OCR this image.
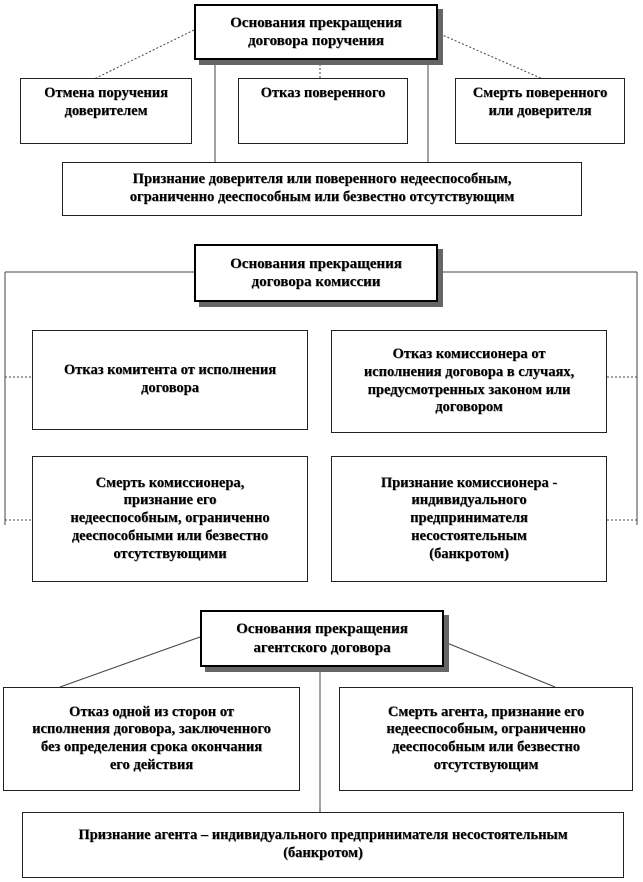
Основания прекращения
договора поручения
Отмена поручения
доверителем
Отказ поверенного	Смерть поверенного
или доверителя
Признание доверителя или поверенного недееспособным,
ограниченно дееспособным или безвестно отсутствующим
Основания прекращения
договора комиссии
Отказ комитента от исполнения
договора
Отказ комиссионера от
исполнения договора в случаях,
предусмотренных законом или
договором
Смерть комиссионера,
признание его
недееспособным, ограниченно
дееспособными или безвестно
отсутствующими
Признание комиссионера -
индивидуального
предпринимателя
несостоятельным
(банкротом)
Основания прекращения
агентского договора
Отказ одной из сторон от
исполнения договора, заключенного
без определения срока окончания
его действия
Смерть агента, признание его
недееспособным, ограниченно
дееспособным или безвестно
отсутствующим
Признание агента – индивидуального предпринимателя несостоятельным
(банкротом)
